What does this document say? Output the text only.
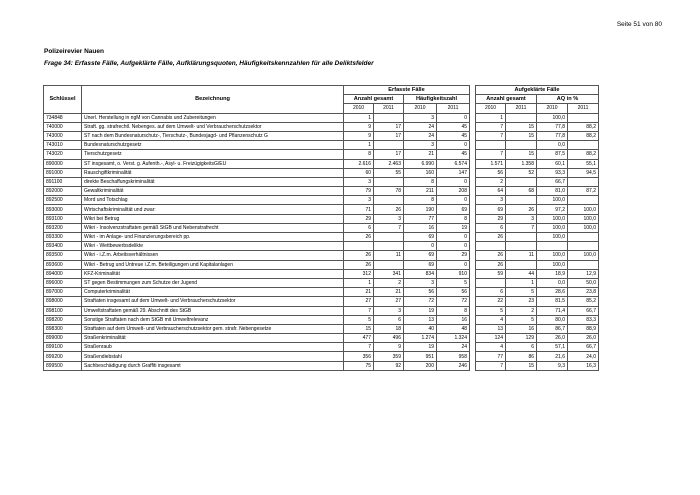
Seite 51 von 80
Polizeirevier Nauen
Frage 34: Erfasste Fälle, Aufgeklärte Fälle, Aufklärungsquoten, Häufigkeitskennzahlen für alle Deliktsfelder
		Erfasste Fälle					Aufgeklärte Fälle			
Schlüssel	Bezeichnung	Anzahl gesamt		Häufigkeitszahl			Anzahl gesamt		AQ in %	
		2010	2011	2010	2011		2010	2011	2010	2011
734848	Unerl. Herstellung in ngM von Cannabis und Zubereitungen	1		3	0		1		100,0	
740000	Straft. gg. strafrechtl. Nebenges. auf dem Umwelt- und Verbraucherschutzsektor	9	17	24	45		7	15	77,8	88,2
743000	ST nach dem Bundesnaturschutz-, Tierschutz-, Bundesjagd- und Pflanzenschutz G	9	17	24	45		7	15	77,8	88,2
743010	Bundesnaturschutzgesetz	1		3	0				0,0	
743020	Tierschutzgesetz	8	17	21	45		7	15	87,5	88,2
890000	ST insgesamt, o. Verst. g. Aufenth.-, Asyl- u. FreizügigkeitsG/EU	2.616	2.463	6.990	6.574		1.571	1.358	60,1	55,1
891000	Rauschgiftkriminalität	60	55	160	147		56	52	93,3	94,5
891100	direkte Beschaffungskriminalität	3		8	0		2		66,7	
892000	Gewaltkriminalität	79	78	211	208		64	68	81,0	87,2
892500	Mord und Totschlag	3		8	0		3		100,0	
893000	Wirtschaftskriminalität und zwar:	71	26	190	69		69	26	97,2	100,0
893100	Wikri bei Betrug	29	3	77	8		29	3	100,0	100,0
893200	Wikri - Insolvenzstraftaten gemäß StGB und Nebenstrafrecht	6	7	16	19		6	7	100,0	100,0
893300	Wikri - im Anlage- und Finanzierungsbereich pp.	26		69	0		26		100,0	
893400	Wikri - Wettbewerbsdelikte			0	0					
893500	Wikri - i.Z.m. Arbeitsverhältnissen	26	11	69	29		26	11	100,0	100,0
893600	Wikri - Betrug und Untreue i.Z.m. Beteiligungen und Kapitalanlagen	26		69	0		26		100,0	
894000	KFZ-Kriminalität	312	341	834	910		59	44	18,9	12,9
896000	ST gegen Bestimmungen zum Schutze der Jugend	1	2	3	5			1	0,0	50,0
897000	Computerkriminalität	21	21	56	56		6	5	28,6	23,8
898000	Straftaten insgesamt auf dem Umwelt- und Verbraucherschutzsektor	27	27	72	72		22	23	81,5	85,2
898100	Umweltstraftaten gemäß 29. Abschnitt des StGB	7	3	19	8		5	2	71,4	66,7
898200	Sonstige Straftaten nach dem StGB mit Umweltrelevanz	5	6	13	16		4	5	80,0	83,3
898300	Straftaten auf dem Umwelt- und Verbraucherschutzsektor gem. strafr. Nebengesetze	15	18	40	48		13	16	86,7	88,9
899000	Straßenkriminalität	477	496	1.274	1.324		124	129	26,0	26,0
899100	Straßenraub	7	9	19	24		4	6	57,1	66,7
899200	Straßendiebstahl	356	359	951	958		77	86	21,6	24,0
899500	Sachbeschädigung durch Graffiti insgesamt	75	92	200	246		7	15	9,3	16,3
